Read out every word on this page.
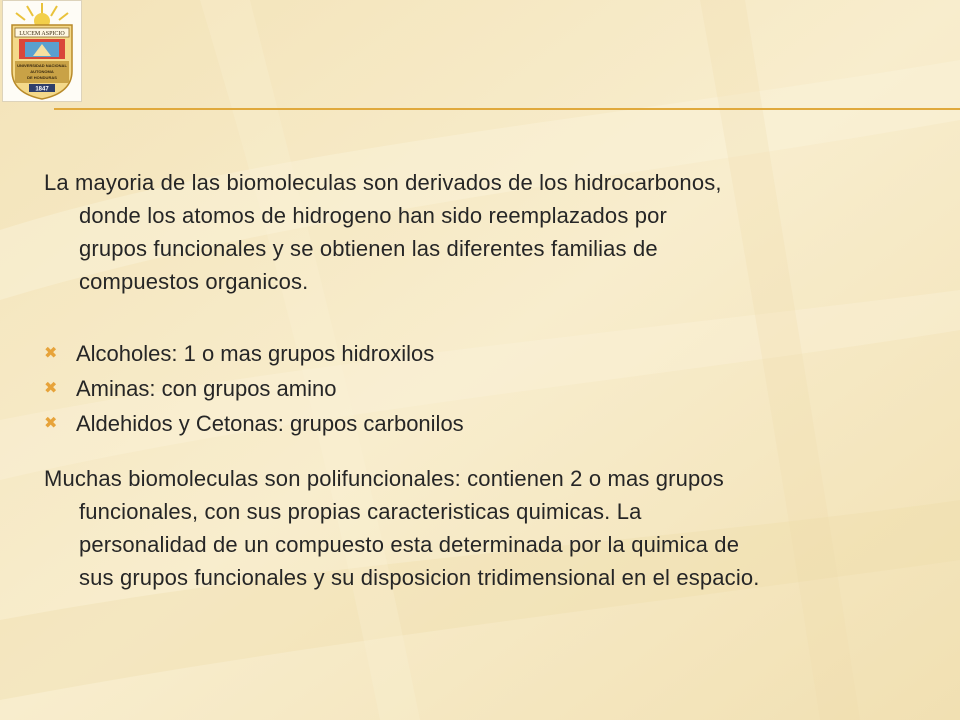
LUCEM ASPICIO
UNIVERSIDAD NACIONAL
AUTONOMA
DE HONDURAS
1847

La mayoria de las biomoleculas son derivados de los hidrocarbonos,
donde los atomos de hidrogeno han sido reemplazados por
grupos funcionales y se obtienen las diferentes familias de
compuestos organicos.

✖ Alcoholes: 1 o mas grupos hidroxilos
✖ Aminas: con grupos amino
✖ Aldehidos y Cetonas: grupos carbonilos

Muchas biomoleculas son polifuncionales: contienen 2 o mas grupos
funcionales, con sus propias caracteristicas quimicas. La
personalidad de un compuesto esta determinada por la quimica de
sus grupos funcionales y su disposicion tridimensional en el espacio.
